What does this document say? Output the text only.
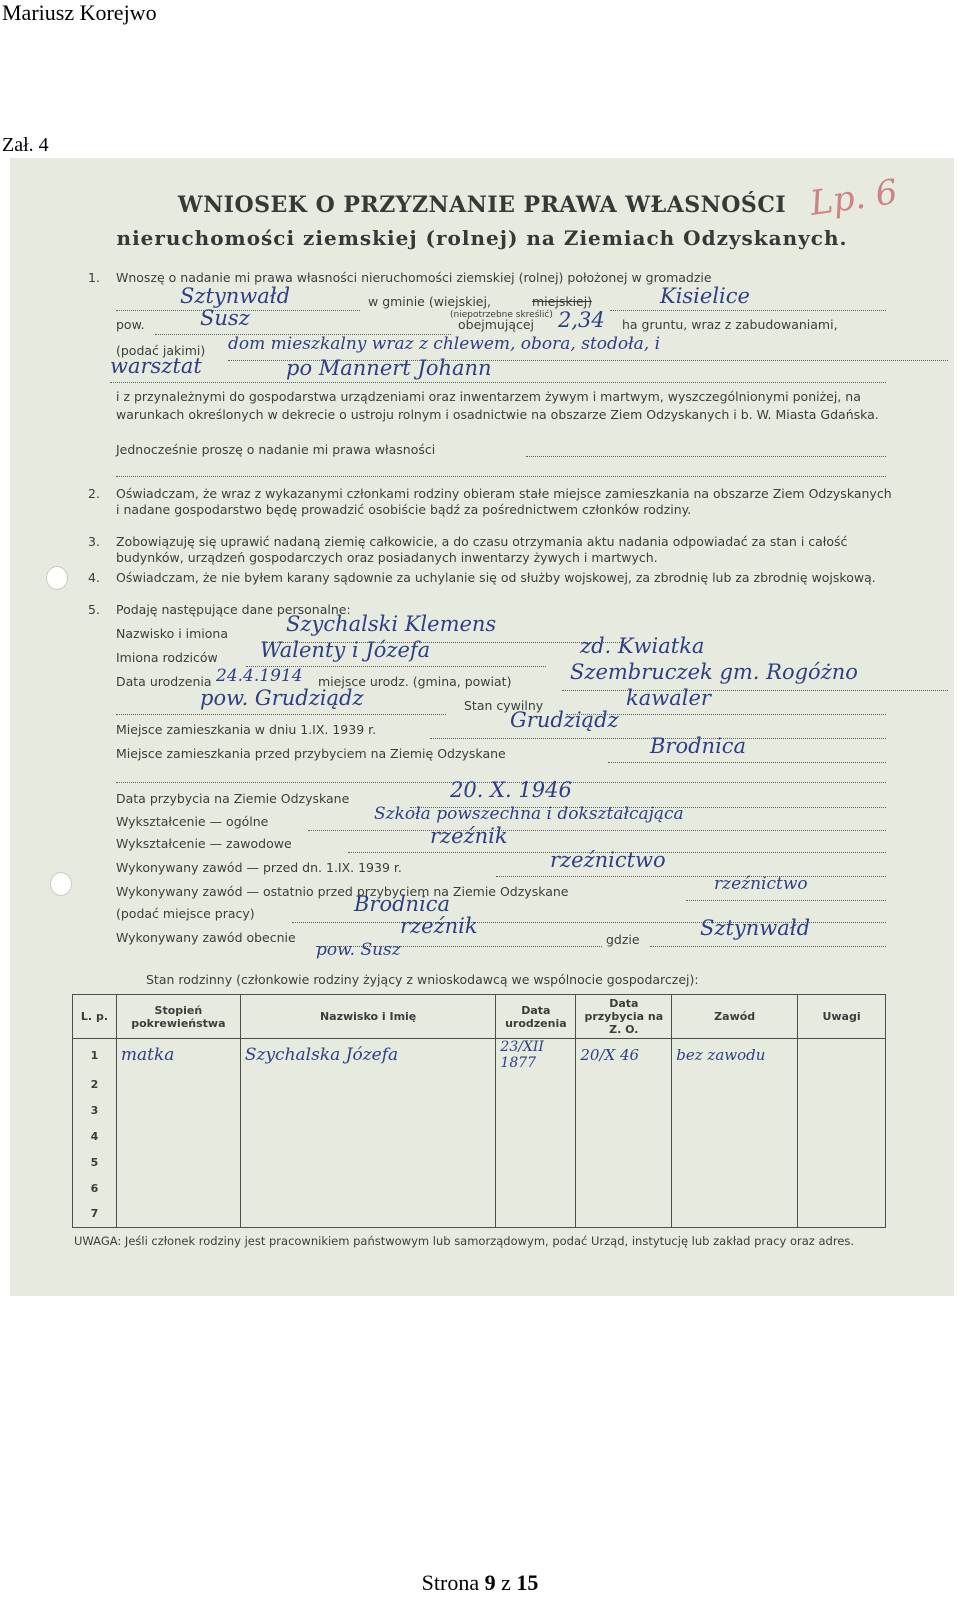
Mariusz Korejwo
Zał. 4
WNIOSEK O PRZYZNANIE PRAWA WŁASNOŚCI
nieruchomości ziemskiej (rolnej) na Ziemiach Odzyskanych.
Lp. 6
1. Wnoszę o nadanie mi prawa własności nieruchomości ziemskiej (rolnej) położonej w gromadzie
Sztynwałd	w gminie (wiejskiej,	miejskiej)
(niepotrzebne skreślić)
Kisielice
pow.	Susz	obejmującej 2,34 ha gruntu, wraz z zabudowaniami,
(podać jakimi) dom mieszkalny wraz z chlewem, obora, stodoła, i
warsztat	po Mannert Johann
i z przynależnymi do gospodarstwa urządzeniami oraz inwentarzem żywym i martwym, wyszczególnionymi poniżej, na warunkach określonych w dekrecie o ustroju rolnym i osadnictwie na obszarze Ziem Odzyskanych i b. W. Miasta Gdańska.
Jednocześnie proszę o nadanie mi prawa własności
2. Oświadczam, że wraz z wykazanymi członkami rodziny obieram stałe miejsce zamieszkania na obszarze Ziem Odzyskanych i nadane gospodarstwo będę prowadzić osobiście bądź za pośrednictwem członków rodziny.
3. Zobowiązuję się uprawić nadaną ziemię całkowicie, a do czasu otrzymania aktu nadania odpowiadać za stan i całość budynków, urządzeń gospodarczych oraz posiadanych inwentarzy żywych i martwych.
4. Oświadczam, że nie byłem karany sądownie za uchylanie się od służby wojskowej, za zbrodnię lub za zbrodnię wojskową.
5. Podaję następujące dane personalne:
Nazwisko i imiona	Szychalski Klemens
Imiona rodziców Walenty i Józefa	zd. Kwiatka
Data urodzenia 24.4.1914 miejsce urodz. (gmina, powiat)	Szembruczek gm. Rogóżno
pow. Grudziądz	Stan cywilny	kawaler
Miejsce zamieszkania w dniu 1.IX. 1939 r.	Grudziądz
Miejsce zamieszkania przed przybyciem na Ziemię Odzyskane	Brodnica
Data przybycia na Ziemie Odzyskane	20. X. 1946
Wykształcenie — ogólne	Szkoła powszechna i dokształcająca
Wykształcenie — zawodowe	rzeźnik
Wykonywany zawód — przed dn. 1.IX. 1939 r.	rzeźnictwo
Wykonywany zawód — ostatnio przed przybyciem na Ziemie Odzyskane	rzeźnictwo
(podać miejsce pracy)	Brodnica
Wykonywany zawód obecnie	rzeźnik
gdzie	Sztynwałd
pow. Susz
Stan rodzinny (członkowie rodziny żyjący z wnioskodawcą we wspólnocie gospodarczej):
L. p.	Stopień pokrewieństwa	Nazwisko i Imię	Data urodzenia	Data przybycia na Z. O.	Zawód	Uwagi
1	matka	Szychalska Józefa	23/XII 1877	20/X 46	bez zawodu	
2						
3						
4						
5						
6						
7						
UWAGA: Jeśli członek rodziny jest pracownikiem państwowym lub samorządowym, podać Urząd, instytucję lub zakład pracy oraz adres.
Strona 9 z 15
